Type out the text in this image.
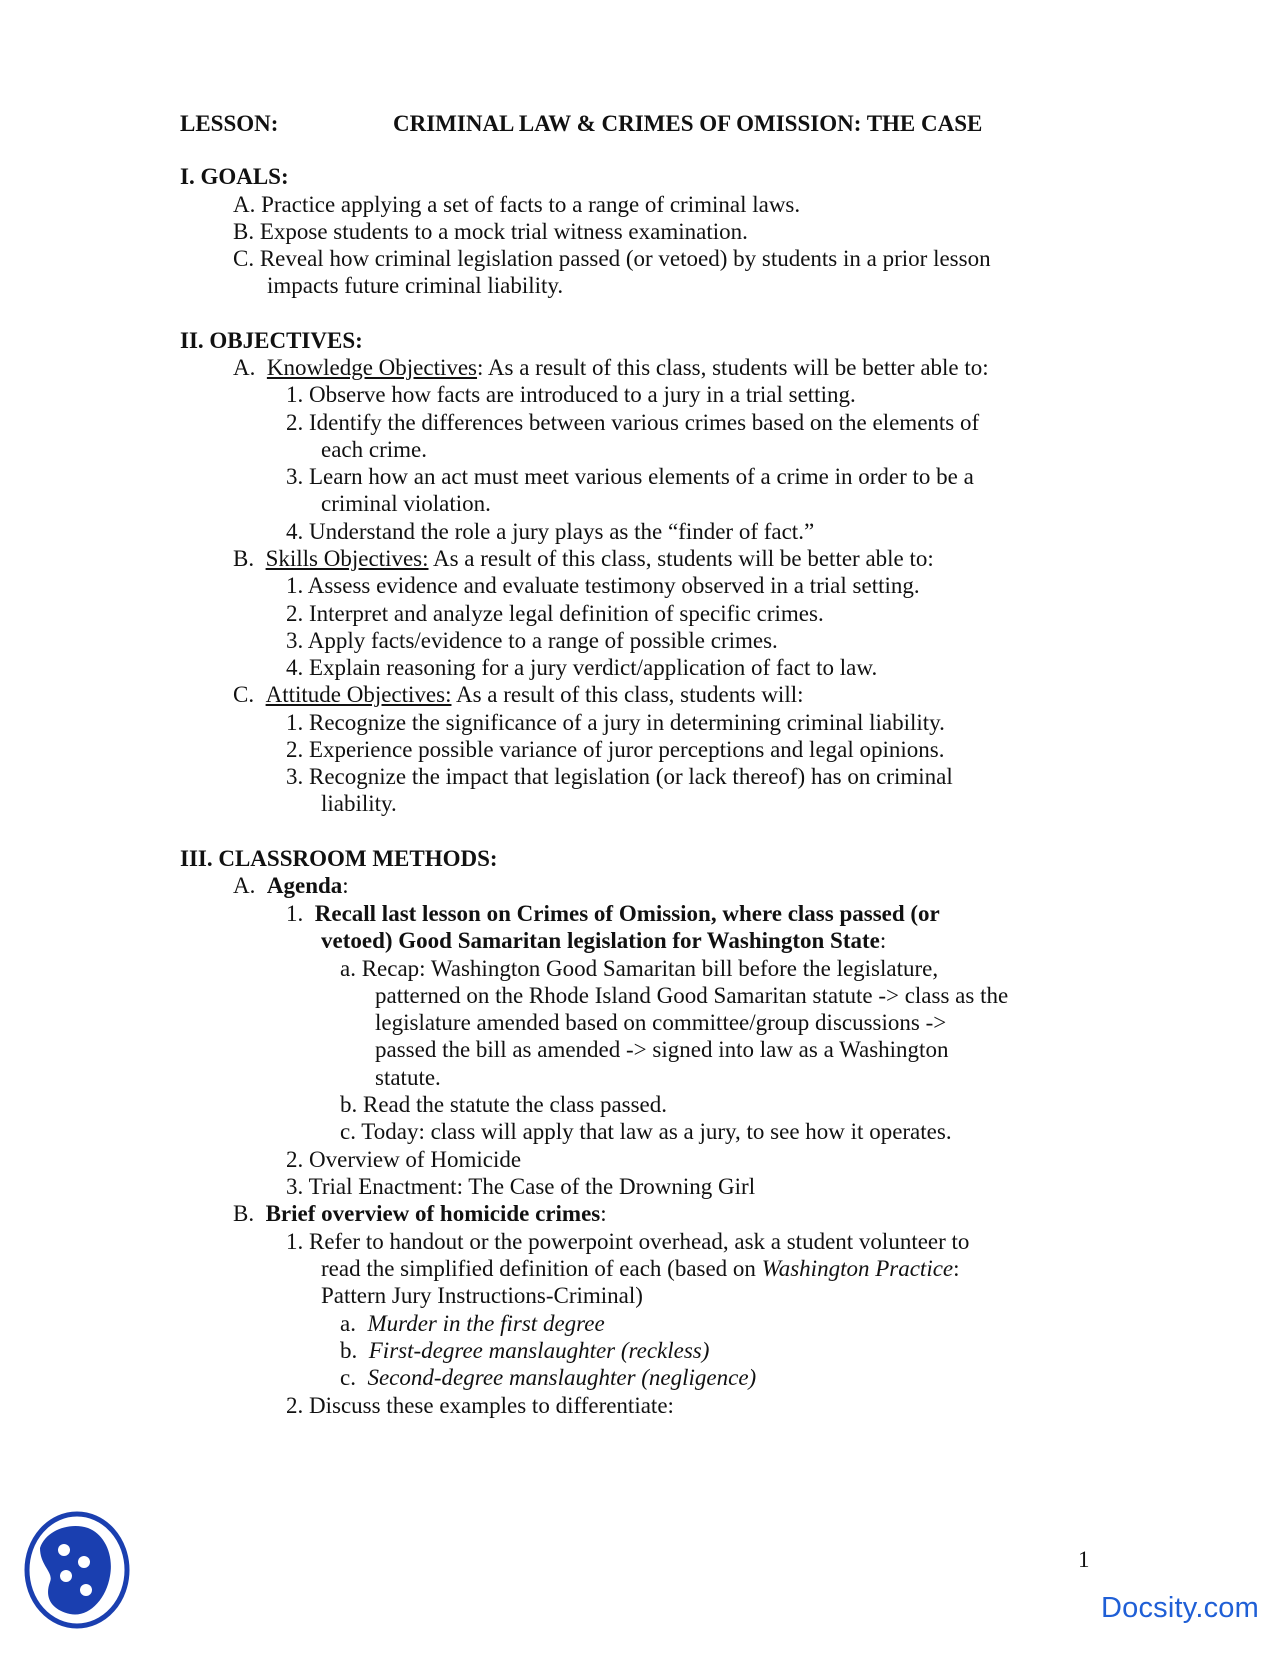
LESSON:	CRIMINAL LAW & CRIMES OF OMISSION: THE CASE
I. GOALS:
A. Practice applying a set of facts to a range of criminal laws.
B. Expose students to a mock trial witness examination.
C. Reveal how criminal legislation passed (or vetoed) by students in a prior lesson
impacts future criminal liability.
II. OBJECTIVES:
A. Knowledge Objectives: As a result of this class, students will be better able to:
1. Observe how facts are introduced to a jury in a trial setting.
2. Identify the differences between various crimes based on the elements of
each crime.
3. Learn how an act must meet various elements of a crime in order to be a
criminal violation.
4. Understand the role a jury plays as the “finder of fact.”
B. Skills Objectives: As a result of this class, students will be better able to:
1. Assess evidence and evaluate testimony observed in a trial setting.
2. Interpret and analyze legal definition of specific crimes.
3. Apply facts/evidence to a range of possible crimes.
4. Explain reasoning for a jury verdict/application of fact to law.
C. Attitude Objectives: As a result of this class, students will:
1. Recognize the significance of a jury in determining criminal liability.
2. Experience possible variance of juror perceptions and legal opinions.
3. Recognize the impact that legislation (or lack thereof) has on criminal
liability.
III. CLASSROOM METHODS:
A. Agenda:
1. Recall last lesson on Crimes of Omission, where class passed (or
vetoed) Good Samaritan legislation for Washington State:
a. Recap: Washington Good Samaritan bill before the legislature,
patterned on the Rhode Island Good Samaritan statute -> class as the
legislature amended based on committee/group discussions ->
passed the bill as amended -> signed into law as a Washington
statute.
b. Read the statute the class passed.
c. Today: class will apply that law as a jury, to see how it operates.
2. Overview of Homicide
3. Trial Enactment: The Case of the Drowning Girl
B. Brief overview of homicide crimes:
1. Refer to handout or the powerpoint overhead, ask a student volunteer to
read the simplified definition of each (based on Washington Practice:
Pattern Jury Instructions-Criminal)
a. Murder in the first degree
b. First-degree manslaughter (reckless)
c. Second-degree manslaughter (negligence)
2. Discuss these examples to differentiate:
1
Docsity.com
